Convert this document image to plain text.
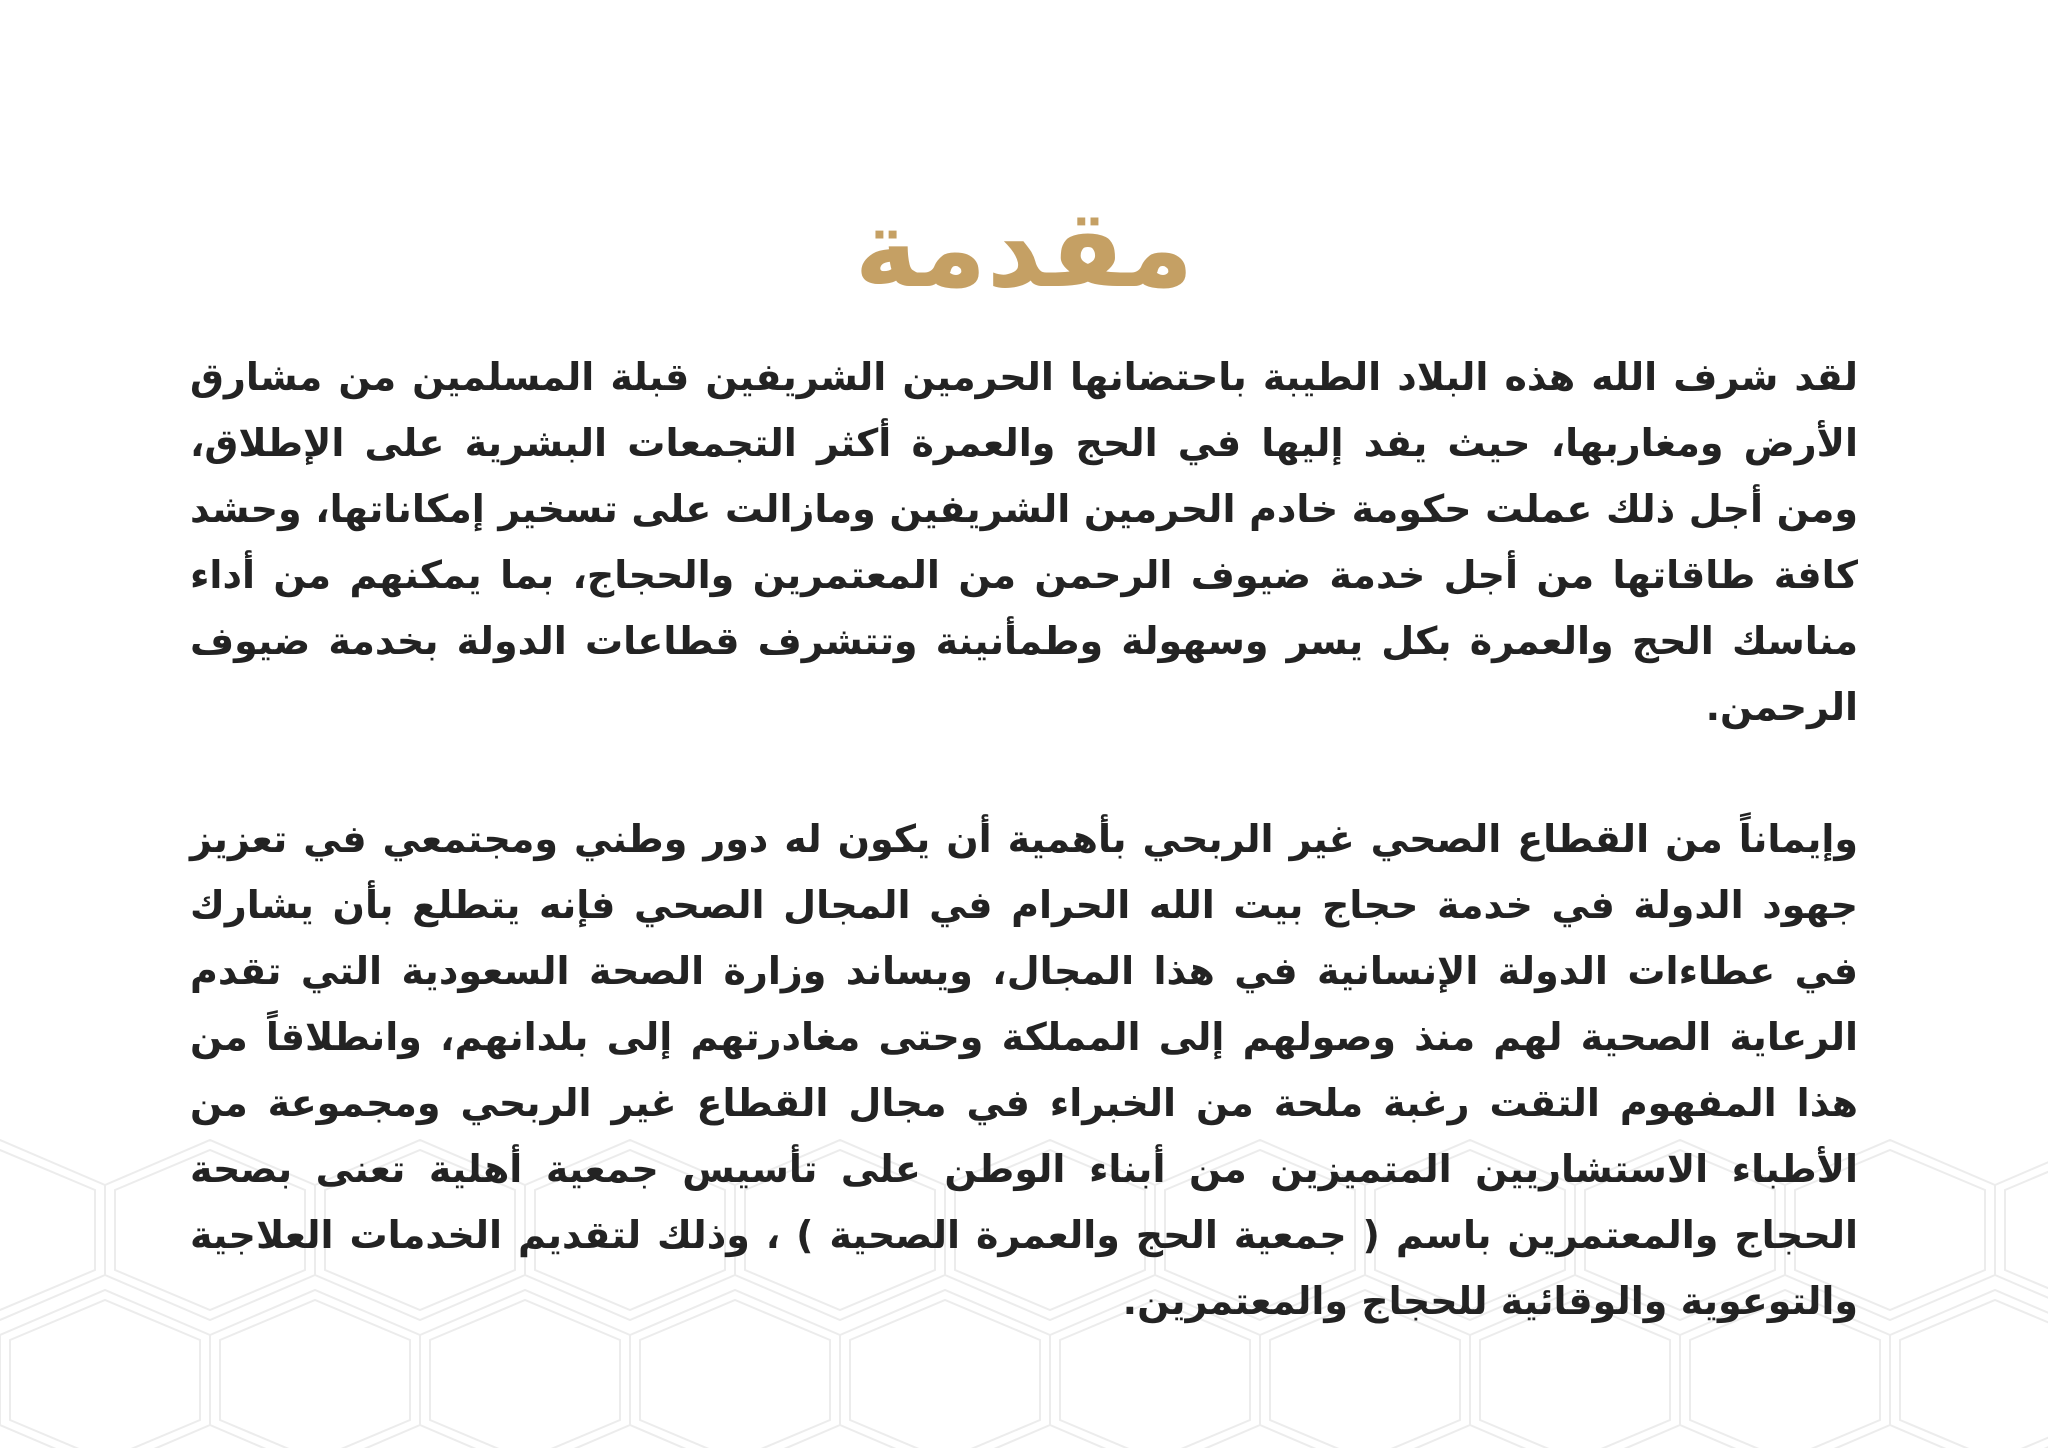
مقدمة

لقد شرف الله هذه البلاد الطيبة باحتضانها الحرمين الشريفين قبلة المسلمين من مشارق الأرض ومغاربها، حيث يفد إليها في الحج والعمرة أكثر التجمعات البشرية على الإطلاق، ومن أجل ذلك عملت حكومة خادم الحرمين الشريفين ومازالت على تسخير إمكاناتها، وحشد كافة طاقاتها من أجل خدمة ضيوف الرحمن من المعتمرين والحجاج، بما يمكنهم من أداء مناسك الحج والعمرة بكل يسر وسهولة وطمأنينة وتتشرف قطاعات الدولة بخدمة ضيوف الرحمن.

وإيماناً من القطاع الصحي غير الربحي بأهمية أن يكون له دور وطني ومجتمعي في تعزيز جهود الدولة في خدمة حجاج بيت الله الحرام في المجال الصحي فإنه يتطلع بأن يشارك في عطاءات الدولة الإنسانية في هذا المجال، ويساند وزارة الصحة السعودية التي تقدم الرعاية الصحية لهم منذ وصولهم إلى المملكة وحتى مغادرتهم إلى بلدانهم، وانطلاقاً من هذا المفهوم التقت رغبة ملحة من الخبراء في مجال القطاع غير الربحي ومجموعة من الأطباء الاستشاريين المتميزين من أبناء الوطن على تأسيس جمعية أهلية تعنى بصحة الحجاج والمعتمرين باسم ( جمعية الحج والعمرة الصحية ) ، وذلك لتقديم الخدمات العلاجية والتوعوية والوقائية للحجاج والمعتمرين.
